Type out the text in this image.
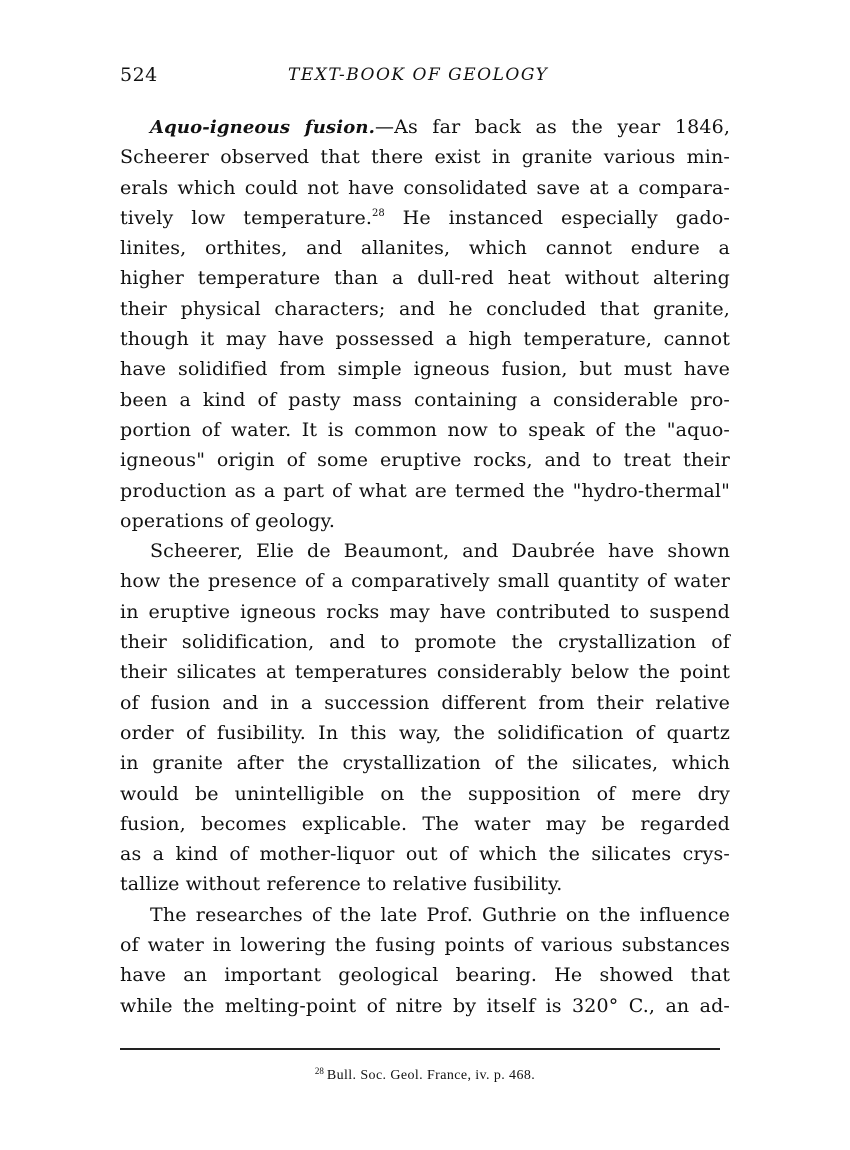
524	TEXT-BOOK OF GEOLOGY
Aquo-igneous fusion.—As far back as the year 1846,
Scheerer observed that there exist in granite various min-
erals which could not have consolidated save at a compara-
tively low temperature.$^{28}$ He instanced especially gado-
linites, orthites, and allanites, which cannot endure a
higher temperature than a dull-red heat without altering
their physical characters; and he concluded that granite,
though it may have possessed a high temperature, cannot
have solidified from simple igneous fusion, but must have
been a kind of pasty mass containing a considerable pro-
portion of water. It is common now to speak of the "aquo-
igneous" origin of some eruptive rocks, and to treat their
production as a part of what are termed the "hydro-thermal"
operations of geology.
Scheerer, Elie de Beaumont, and Daubrée have shown
how the presence of a comparatively small quantity of water
in eruptive igneous rocks may have contributed to suspend
their solidification, and to promote the crystallization of
their silicates at temperatures considerably below the point
of fusion and in a succession different from their relative
order of fusibility. In this way, the solidification of quartz
in granite after the crystallization of the silicates, which
would be unintelligible on the supposition of mere dry
fusion, becomes explicable. The water may be regarded
as a kind of mother-liquor out of which the silicates crys-
tallize without reference to relative fusibility.
The researches of the late Prof. Guthrie on the influence
of water in lowering the fusing points of various substances
have an important geological bearing. He showed that
while the melting-point of nitre by itself is 320° C., an ad-
$^{28}$ Bull. Soc. Geol. France, iv. p. 468.
